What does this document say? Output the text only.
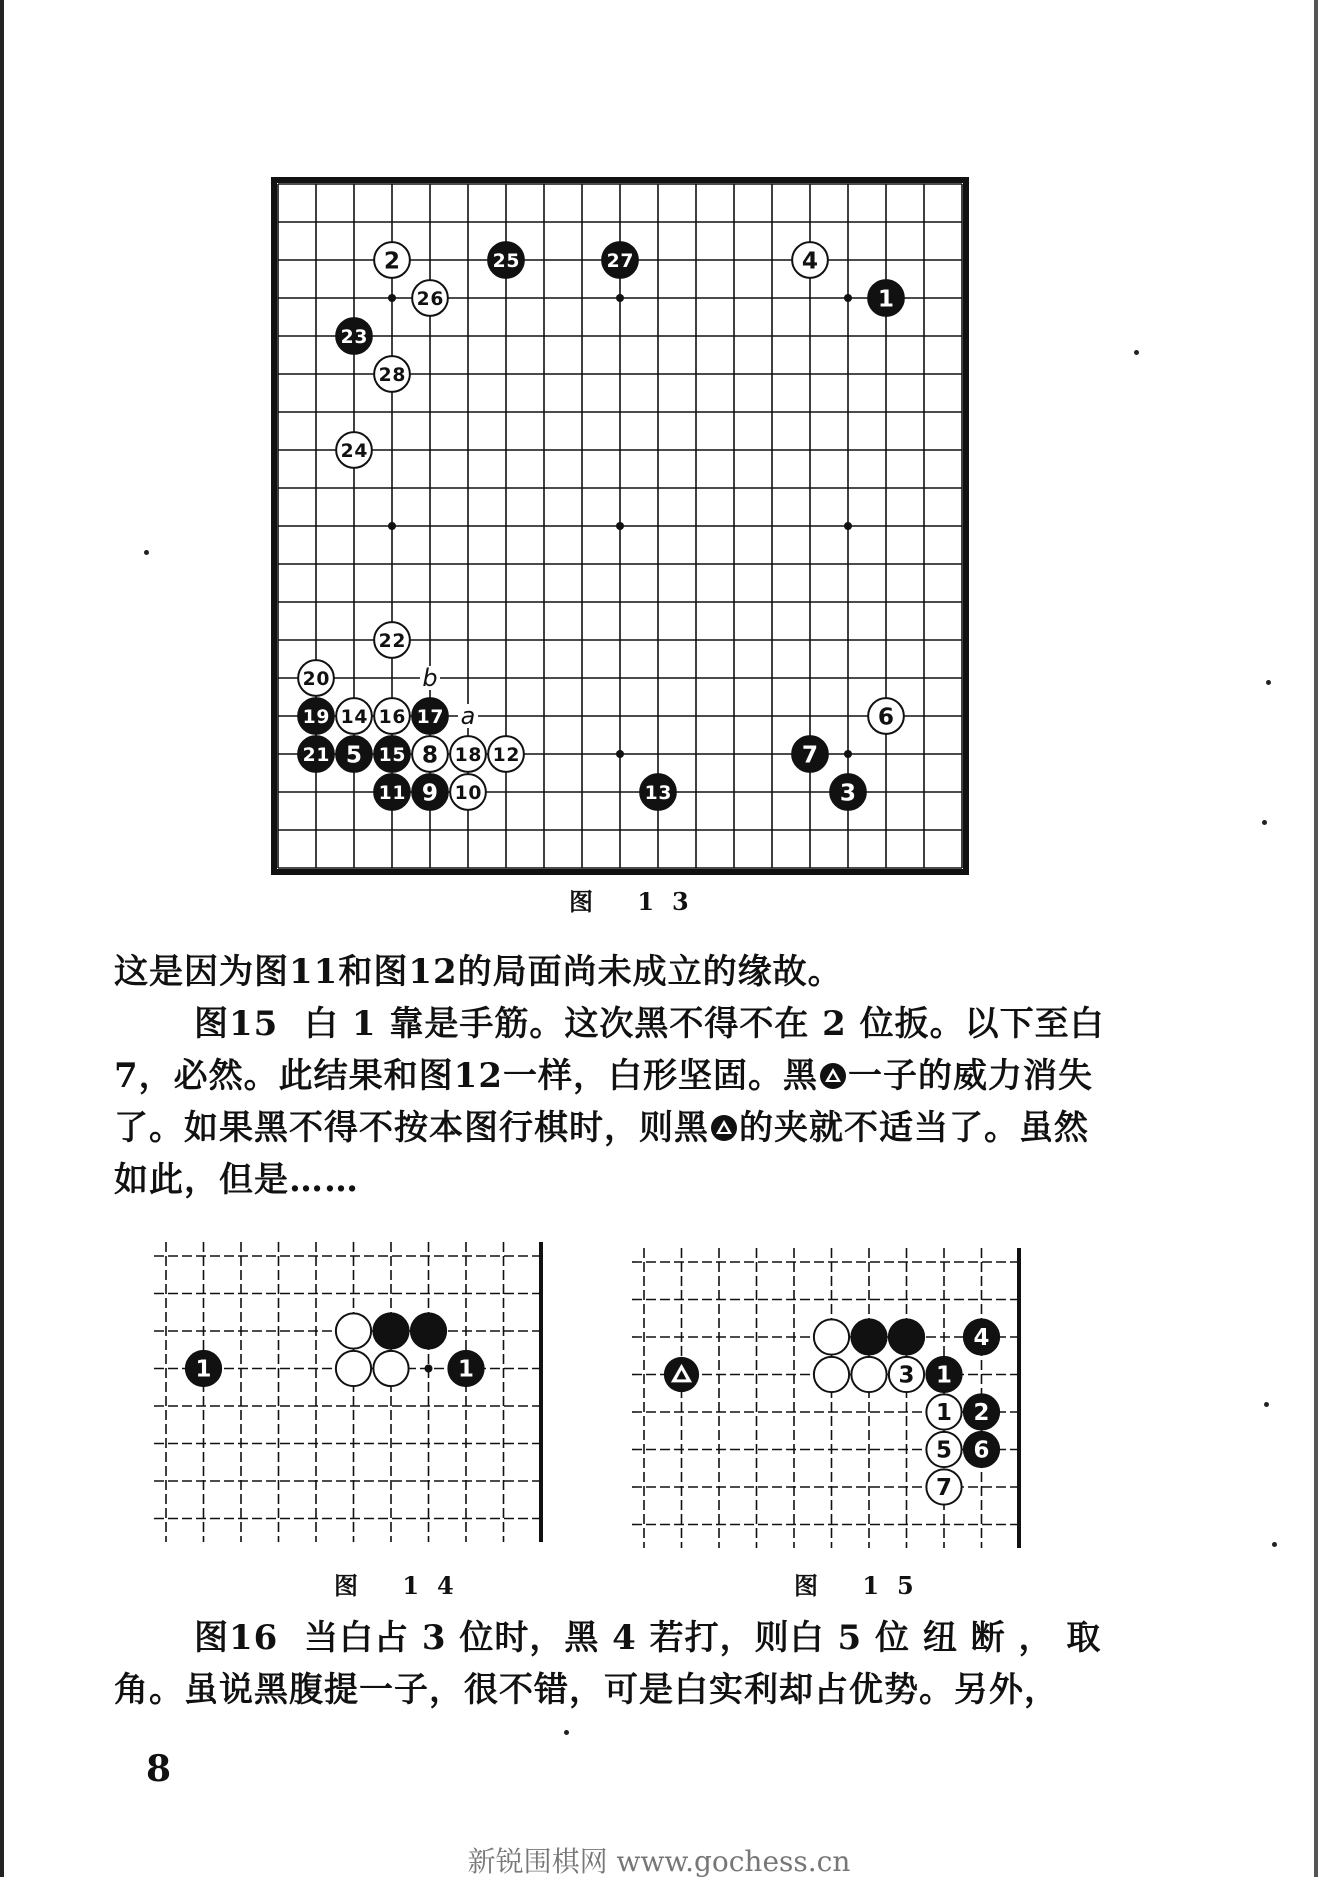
b
a
2	25	27	4
1
26
23
28
24
22
20
19 14 16 17	6
21 5 15 8 18 12	7
11 9 10	13	3
图 13

这是因为图11和图12的局面尚未成立的缘故。

图15 白 1 靠是手筋。这次黑不得不在 2 位扳。以下至白 7，必然。此结果和图12一样，白形坚固。黑 一子的威力消失了。如果黑不得不按本图行棋时，则黑 的夹就不适当了。虽然如此，但是……

1	1
图 14
4
3 1
1 2
5 6
7
图 15

图16 当白占 3 位时，黑 4 若打，则白 5 位 纽 断 ， 取角。虽说黑腹提一子，很不错，可是白实利却占优势。另外，

8
新锐围棋网 www.gochess.cn
